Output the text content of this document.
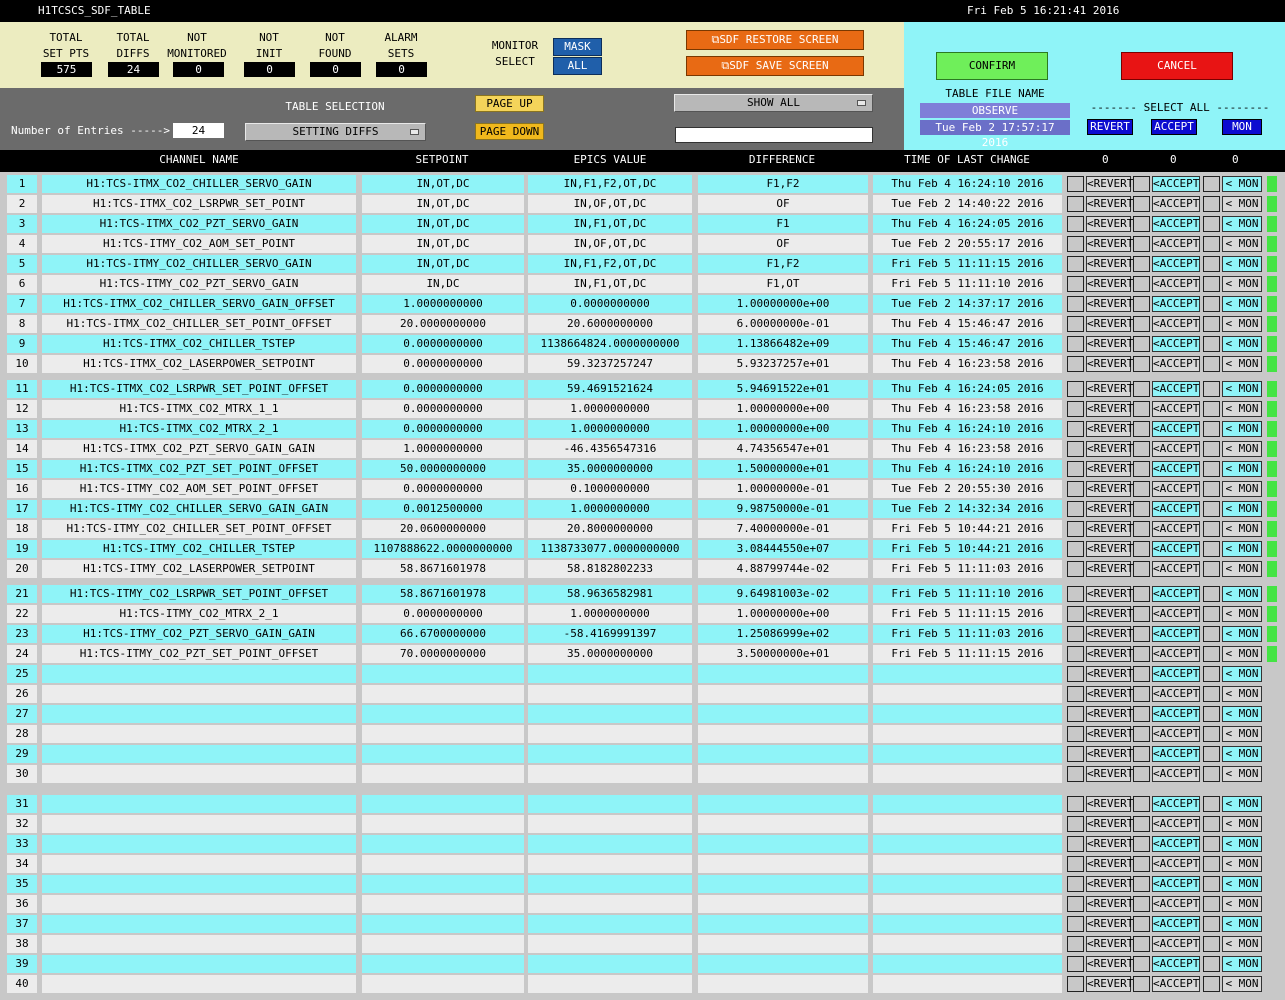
H1TCSCS_SDF_TABLE	Fri Feb 5 16:21:41 2016
TOTAL
SET PTS
575
TOTAL
DIFFS
24
NOT
MONITORED
0
NOT
INIT
0
NOT
FOUND
0
ALARM
SETS
0
MONITOR
SELECT
MASK
ALL
⧉SDF RESTORE SCREEN
⧉SDF SAVE SCREEN
Number of Entries ----->	24
TABLE SELECTION
SETTING DIFFS
PAGE UP
PAGE DOWN
SHOW ALL
CONFIRM	CANCEL
TABLE FILE NAME
OBSERVE
Tue Feb 2 17:57:17 2016
------- SELECT ALL --------
REVERT ACCEPT	MON
CHANNEL NAME	SETPOINT	EPICS VALUE	DIFFERENCE	TIME OF LAST CHANGE	0	0	0
1	H1:TCS-ITMX_CO2_CHILLER_SERVO_GAIN	IN,OT,DC	IN,F1,F2,OT,DC	F1,F2	Thu Feb 4 16:24:10 2016	<REVERT <ACCEPT	< MON
2	H1:TCS-ITMX_CO2_LSRPWR_SET_POINT	IN,OT,DC	IN,OF,OT,DC	OF	Tue Feb 2 14:40:22 2016	<REVERT <ACCEPT	< MON
3	H1:TCS-ITMX_CO2_PZT_SERVO_GAIN	IN,OT,DC	IN,F1,OT,DC	F1	Thu Feb 4 16:24:05 2016	<REVERT <ACCEPT	< MON
4	H1:TCS-ITMY_CO2_AOM_SET_POINT	IN,OT,DC	IN,OF,OT,DC	OF	Tue Feb 2 20:55:17 2016	<REVERT <ACCEPT	< MON
5	H1:TCS-ITMY_CO2_CHILLER_SERVO_GAIN	IN,OT,DC	IN,F1,F2,OT,DC	F1,F2	Fri Feb 5 11:11:15 2016	<REVERT <ACCEPT	< MON
6	H1:TCS-ITMY_CO2_PZT_SERVO_GAIN	IN,DC	IN,F1,OT,DC	F1,OT	Fri Feb 5 11:11:10 2016	<REVERT <ACCEPT	< MON
7	H1:TCS-ITMX_CO2_CHILLER_SERVO_GAIN_OFFSET	1.0000000000	0.0000000000	1.00000000e+00	Tue Feb 2 14:37:17 2016	<REVERT <ACCEPT	< MON
8	H1:TCS-ITMX_CO2_CHILLER_SET_POINT_OFFSET	20.0000000000	20.6000000000	6.00000000e-01	Thu Feb 4 15:46:47 2016	<REVERT <ACCEPT	< MON
9	H1:TCS-ITMX_CO2_CHILLER_TSTEP	0.0000000000	1138664824.0000000000	1.13866482e+09	Thu Feb 4 15:46:47 2016	<REVERT <ACCEPT	< MON
10	H1:TCS-ITMX_CO2_LASERPOWER_SETPOINT	0.0000000000	59.3237257247	5.93237257e+01	Thu Feb 4 16:23:58 2016	<REVERT <ACCEPT	< MON
11	H1:TCS-ITMX_CO2_LSRPWR_SET_POINT_OFFSET	0.0000000000	59.4691521624	5.94691522e+01	Thu Feb 4 16:24:05 2016	<REVERT <ACCEPT	< MON
12	H1:TCS-ITMX_CO2_MTRX_1_1	0.0000000000	1.0000000000	1.00000000e+00	Thu Feb 4 16:23:58 2016	<REVERT <ACCEPT	< MON
13	H1:TCS-ITMX_CO2_MTRX_2_1	0.0000000000	1.0000000000	1.00000000e+00	Thu Feb 4 16:24:10 2016	<REVERT <ACCEPT	< MON
14	H1:TCS-ITMX_CO2_PZT_SERVO_GAIN_GAIN	1.0000000000	-46.4356547316	4.74356547e+01	Thu Feb 4 16:23:58 2016	<REVERT <ACCEPT	< MON
15	H1:TCS-ITMX_CO2_PZT_SET_POINT_OFFSET	50.0000000000	35.0000000000	1.50000000e+01	Thu Feb 4 16:24:10 2016	<REVERT <ACCEPT	< MON
16	H1:TCS-ITMY_CO2_AOM_SET_POINT_OFFSET	0.0000000000	0.1000000000	1.00000000e-01	Tue Feb 2 20:55:30 2016	<REVERT <ACCEPT	< MON
17	H1:TCS-ITMY_CO2_CHILLER_SERVO_GAIN_GAIN	0.0012500000	1.0000000000	9.98750000e-01	Tue Feb 2 14:32:34 2016	<REVERT <ACCEPT	< MON
18	H1:TCS-ITMY_CO2_CHILLER_SET_POINT_OFFSET	20.0600000000	20.8000000000	7.40000000e-01	Fri Feb 5 10:44:21 2016	<REVERT <ACCEPT	< MON
19	H1:TCS-ITMY_CO2_CHILLER_TSTEP	1107888622.0000000000	1138733077.0000000000	3.08444550e+07	Fri Feb 5 10:44:21 2016	<REVERT <ACCEPT	< MON
20	H1:TCS-ITMY_CO2_LASERPOWER_SETPOINT	58.8671601978	58.8182802233	4.88799744e-02	Fri Feb 5 11:11:03 2016	<REVERT <ACCEPT	< MON
21	H1:TCS-ITMY_CO2_LSRPWR_SET_POINT_OFFSET	58.8671601978	58.9636582981	9.64981003e-02	Fri Feb 5 11:11:10 2016	<REVERT <ACCEPT	< MON
22	H1:TCS-ITMY_CO2_MTRX_2_1	0.0000000000	1.0000000000	1.00000000e+00	Fri Feb 5 11:11:15 2016	<REVERT <ACCEPT	< MON
23	H1:TCS-ITMY_CO2_PZT_SERVO_GAIN_GAIN	66.6700000000	-58.4169991397	1.25086999e+02	Fri Feb 5 11:11:03 2016	<REVERT <ACCEPT	< MON
24	H1:TCS-ITMY_CO2_PZT_SET_POINT_OFFSET	70.0000000000	35.0000000000	3.50000000e+01	Fri Feb 5 11:11:15 2016	<REVERT <ACCEPT	< MON
25	<REVERT <ACCEPT	< MON
26	<REVERT <ACCEPT	< MON
27	<REVERT <ACCEPT	< MON
28	<REVERT <ACCEPT	< MON
29	<REVERT <ACCEPT	< MON
30	<REVERT <ACCEPT	< MON
31	<REVERT <ACCEPT	< MON
32	<REVERT <ACCEPT	< MON
33	<REVERT <ACCEPT	< MON
34	<REVERT <ACCEPT	< MON
35	<REVERT <ACCEPT	< MON
36	<REVERT <ACCEPT	< MON
37	<REVERT <ACCEPT	< MON
38	<REVERT <ACCEPT	< MON
39	<REVERT <ACCEPT	< MON
40	<REVERT <ACCEPT	< MON
